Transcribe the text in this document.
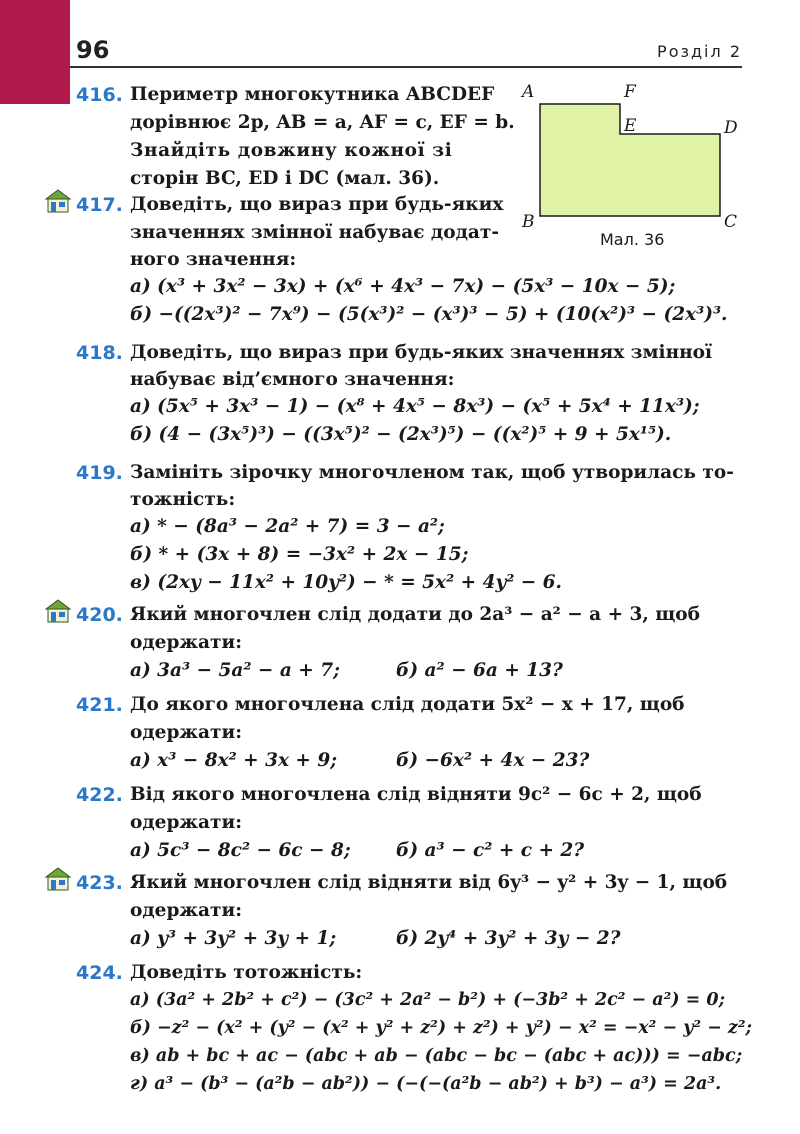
96	Розділ 2
A	F
E	D
B	C
Мал. 36
416. Периметр многокутника ABCDEF
дорівнює 2p, AB = a, AF = c, EF = b.
Знайдіть довжину кожної зі
сторін BC, ED і DC (мал. 36).
417. Доведіть, що вираз при будь-яких
значеннях змінної набуває додат-
ного значення:
а) (x³ + 3x² − 3x) + (x⁶ + 4x³ − 7x) − (5x³ − 10x − 5);
б) −((2x³)² − 7x⁹) − (5(x³)² − (x³)³ − 5) + (10(x²)³ − (2x³)³.
418. Доведіть, що вираз при будь-яких значеннях змінної
набуває від’ємного значення:
а) (5x⁵ + 3x³ − 1) − (x⁸ + 4x⁵ − 8x³) − (x⁵ + 5x⁴ + 11x³);
б) (4 − (3x⁵)³) − ((3x⁵)² − (2x³)⁵) − ((x²)⁵ + 9 + 5x¹⁵).
419. Замініть зірочку многочленом так, щоб утворилась то-
тожність:
а) * − (8a³ − 2a² + 7) = 3 − a²;
б) * + (3x + 8) = −3x² + 2x − 15;
в) (2xy − 11x² + 10y²) − * = 5x² + 4y² − 6.
420. Який многочлен слід додати до 2a³ − a² − a + 3, щоб
одержати:
а) 3a³ − 5a² − a + 7;	б) a² − 6a + 13?
421. До якого многочлена слід додати 5x² − x + 17, щоб
одержати:
а) x³ − 8x² + 3x + 9;	б) −6x² + 4x − 23?
422. Від якого многочлена слід відняти 9c² − 6c + 2, щоб
одержати:
а) 5c³ − 8c² − 6c − 8; б) a³ − c² + c + 2?
423. Який многочлен слід відняти від 6y³ − y² + 3y − 1, щоб
одержати:
а) y³ + 3y² + 3y + 1;	б) 2y⁴ + 3y² + 3y − 2?
424. Доведіть тотожність:
а) (3a² + 2b² + c²) − (3c² + 2a² − b²) + (−3b² + 2c² − a²) = 0;
б) −z² − (x² + (y² − (x² + y² + z²) + z²) + y²) − x² = −x² − y² − z²;
в) ab + bc + ac − (abc + ab − (abc − bc − (abc + ac))) = −abc;
г) a³ − (b³ − (a²b − ab²)) − (−(−(a²b − ab²) + b³) − a³) = 2a³.
